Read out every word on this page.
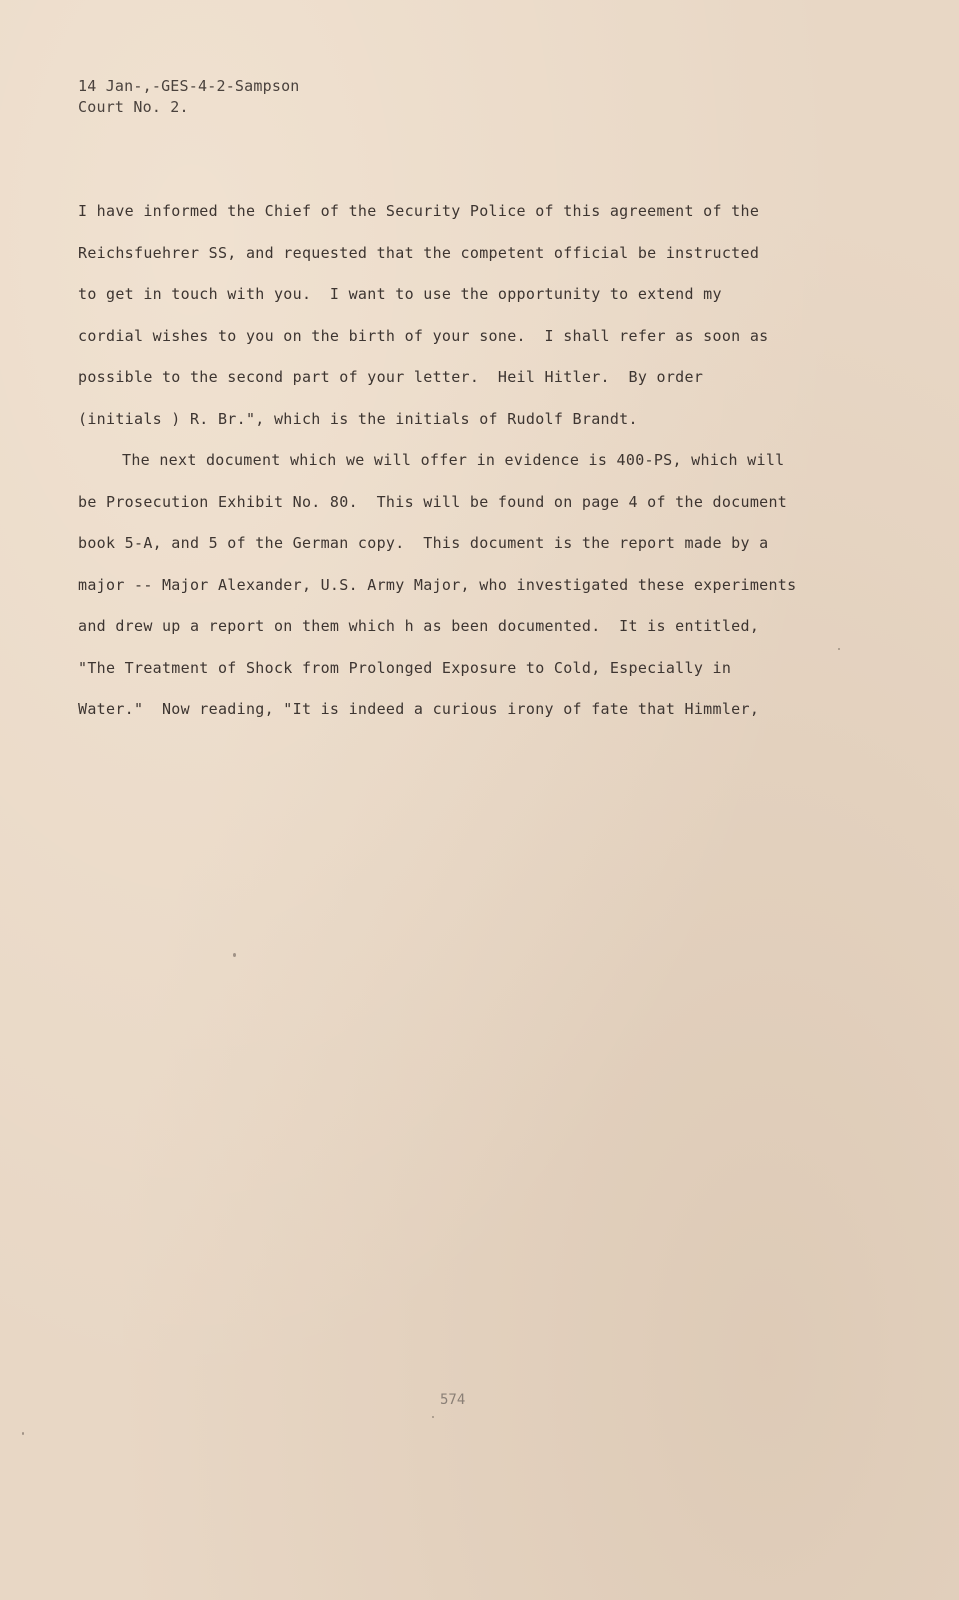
14 Jan-,-GES-4-2-Sampson
Court No. 2.
I have informed the Chief of the Security Police of this agreement of the
Reichsfuehrer SS, and requested that the competent official be instructed
to get in touch with you.  I want to use the opportunity to extend my
cordial wishes to you on the birth of your sone.  I shall refer as soon as
possible to the second part of your letter.  Heil Hitler.  By order
(initials ) R. Br.", which is the initials of Rudolf Brandt.
The next document which we will offer in evidence is 400-PS, which will
be Prosecution Exhibit No. 80.  This will be found on page 4 of the document
book 5-A, and 5 of the German copy.  This document is the report made by a
major -- Major Alexander, U.S. Army Major, who investigated these experiments
and drew up a report on them which h as been documented.  It is entitled,
"The Treatment of Shock from Prolonged Exposure to Cold, Especially in
Water."  Now reading, "It is indeed a curious irony of fate that Himmler,
574
